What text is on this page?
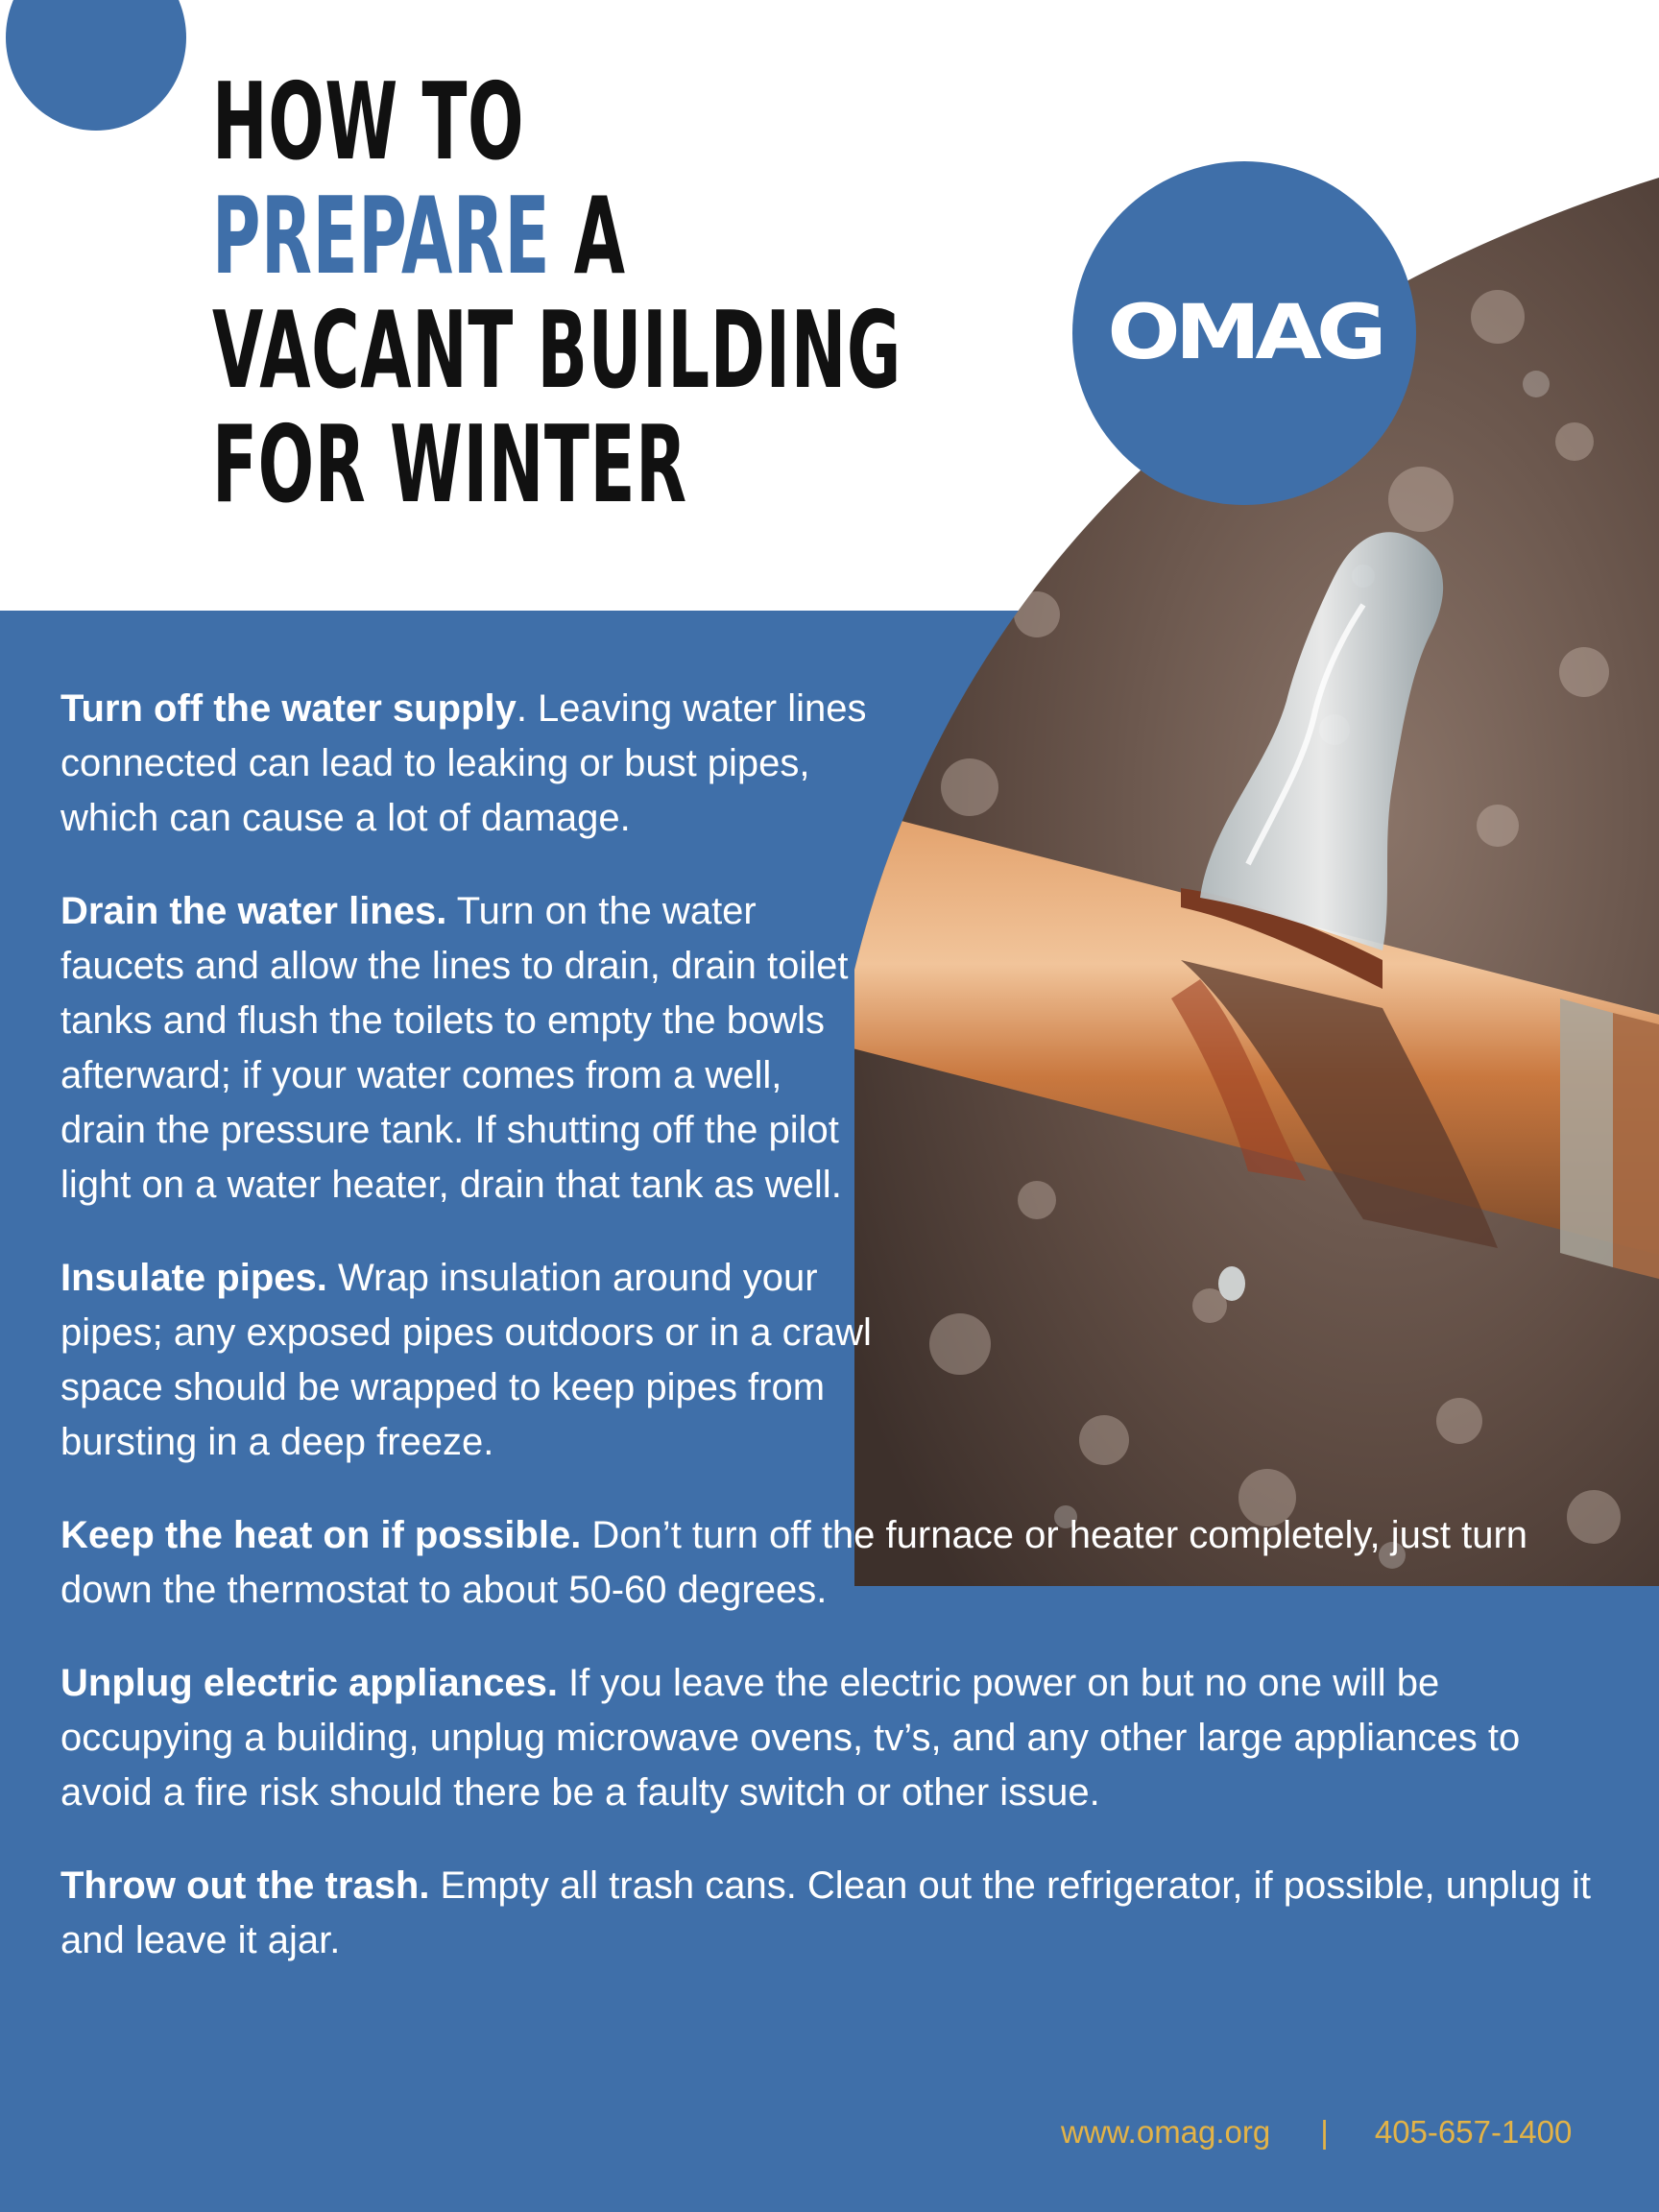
HOW TO
PREPARE A
VACANT BUILDING
FOR WINTER
OMAG

Turn off the water supply. Leaving water lines connected can lead to leaking or bust pipes, which can cause a lot of damage.

Drain the water lines. Turn on the water faucets and allow the lines to drain, drain toilet tanks and flush the toilets to empty the bowls afterward; if your water comes from a well, drain the pressure tank. If shutting off the pilot light on a water heater, drain that tank as well.

Insulate pipes. Wrap insulation around your pipes; any exposed pipes outdoors or in a crawl space should be wrapped to keep pipes from bursting in a deep freeze.

Keep the heat on if possible. Don’t turn off the furnace or heater completely, just turn down the thermostat to about 50-60 degrees.

Unplug electric appliances. If you leave the electric power on but no one will be occupying a building, unplug microwave ovens, tv’s, and any other large appliances to avoid a fire risk should there be a faulty switch or other issue.

Throw out the trash. Empty all trash cans. Clean out the refrigerator, if possible, unplug it and leave it ajar.

www.omag.org | 405-657-1400
